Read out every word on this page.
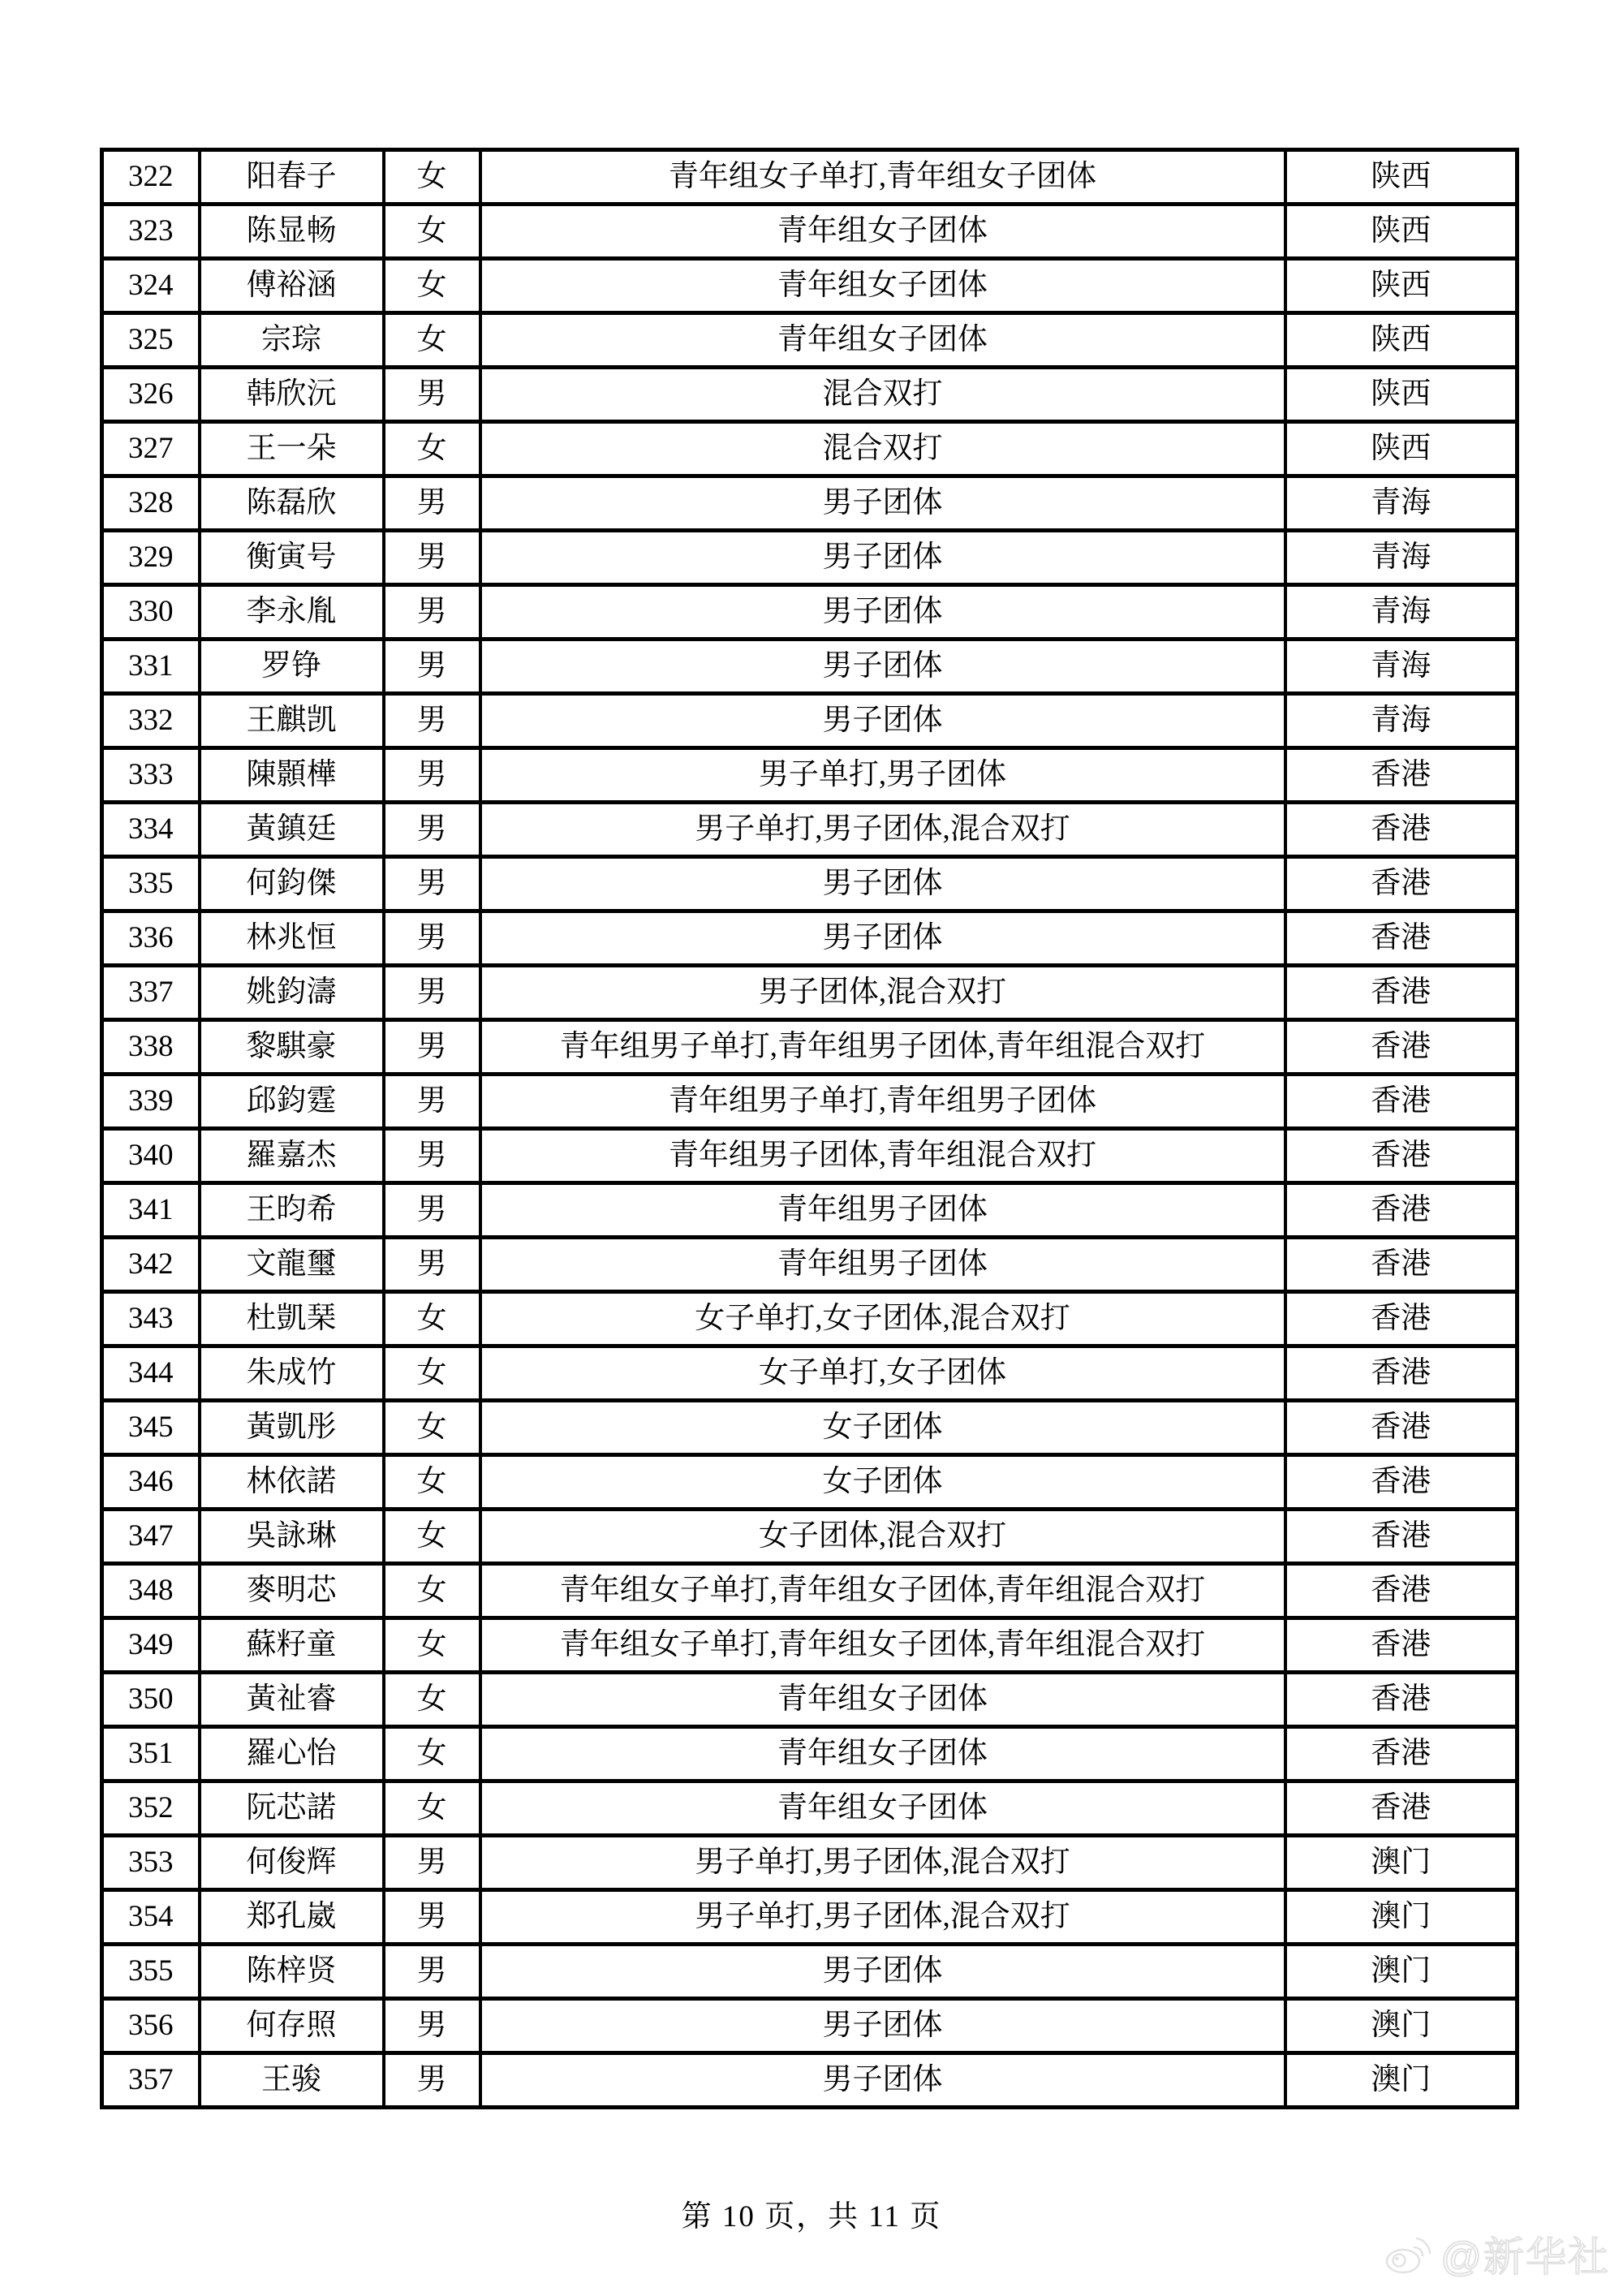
322	阳春子	女	青年组女子单打,青年组女子团体	陕西
323	陈显畅	女	青年组女子团体	陕西
324	傅裕涵	女	青年组女子团体	陕西
325	宗琮	女	青年组女子团体	陕西
326	韩欣沅	男	混合双打	陕西
327	王一朵	女	混合双打	陕西
328	陈磊欣	男	男子团体	青海
329	衡寅号	男	男子团体	青海
330	李永胤	男	男子团体	青海
331	罗铮	男	男子团体	青海
332	王麒凯	男	男子团体	青海
333	陳顥樺	男	男子单打,男子团体	香港
334	黃鎮廷	男	男子单打,男子团体,混合双打	香港
335	何鈞傑	男	男子团体	香港
336	林兆恒	男	男子团体	香港
337	姚鈞濤	男	男子团体,混合双打	香港
338	黎騏豪	男	青年组男子单打,青年组男子团体,青年组混合双打	香港
339	邱鈞霆	男	青年组男子单打,青年组男子团体	香港
340	羅嘉杰	男	青年组男子团体,青年组混合双打	香港
341	王昀希	男	青年组男子团体	香港
342	文龍璽	男	青年组男子团体	香港
343	杜凱琹	女	女子单打,女子团体,混合双打	香港
344	朱成竹	女	女子单打,女子团体	香港
345	黃凱彤	女	女子团体	香港
346	林依諾	女	女子团体	香港
347	吳詠琳	女	女子团体,混合双打	香港
348	麥明芯	女	青年组女子单打,青年组女子团体,青年组混合双打	香港
349	蘇籽童	女	青年组女子单打,青年组女子团体,青年组混合双打	香港
350	黃祉睿	女	青年组女子团体	香港
351	羅心怡	女	青年组女子团体	香港
352	阮芯諾	女	青年组女子团体	香港
353	何俊辉	男	男子单打,男子团体,混合双打	澳门
354	郑孔崴	男	男子单打,男子团体,混合双打	澳门
355	陈梓贤	男	男子团体	澳门
356	何存照	男	男子团体	澳门
357	王骏	男	男子团体	澳门
第 10 页，共 11 页
@新华社
